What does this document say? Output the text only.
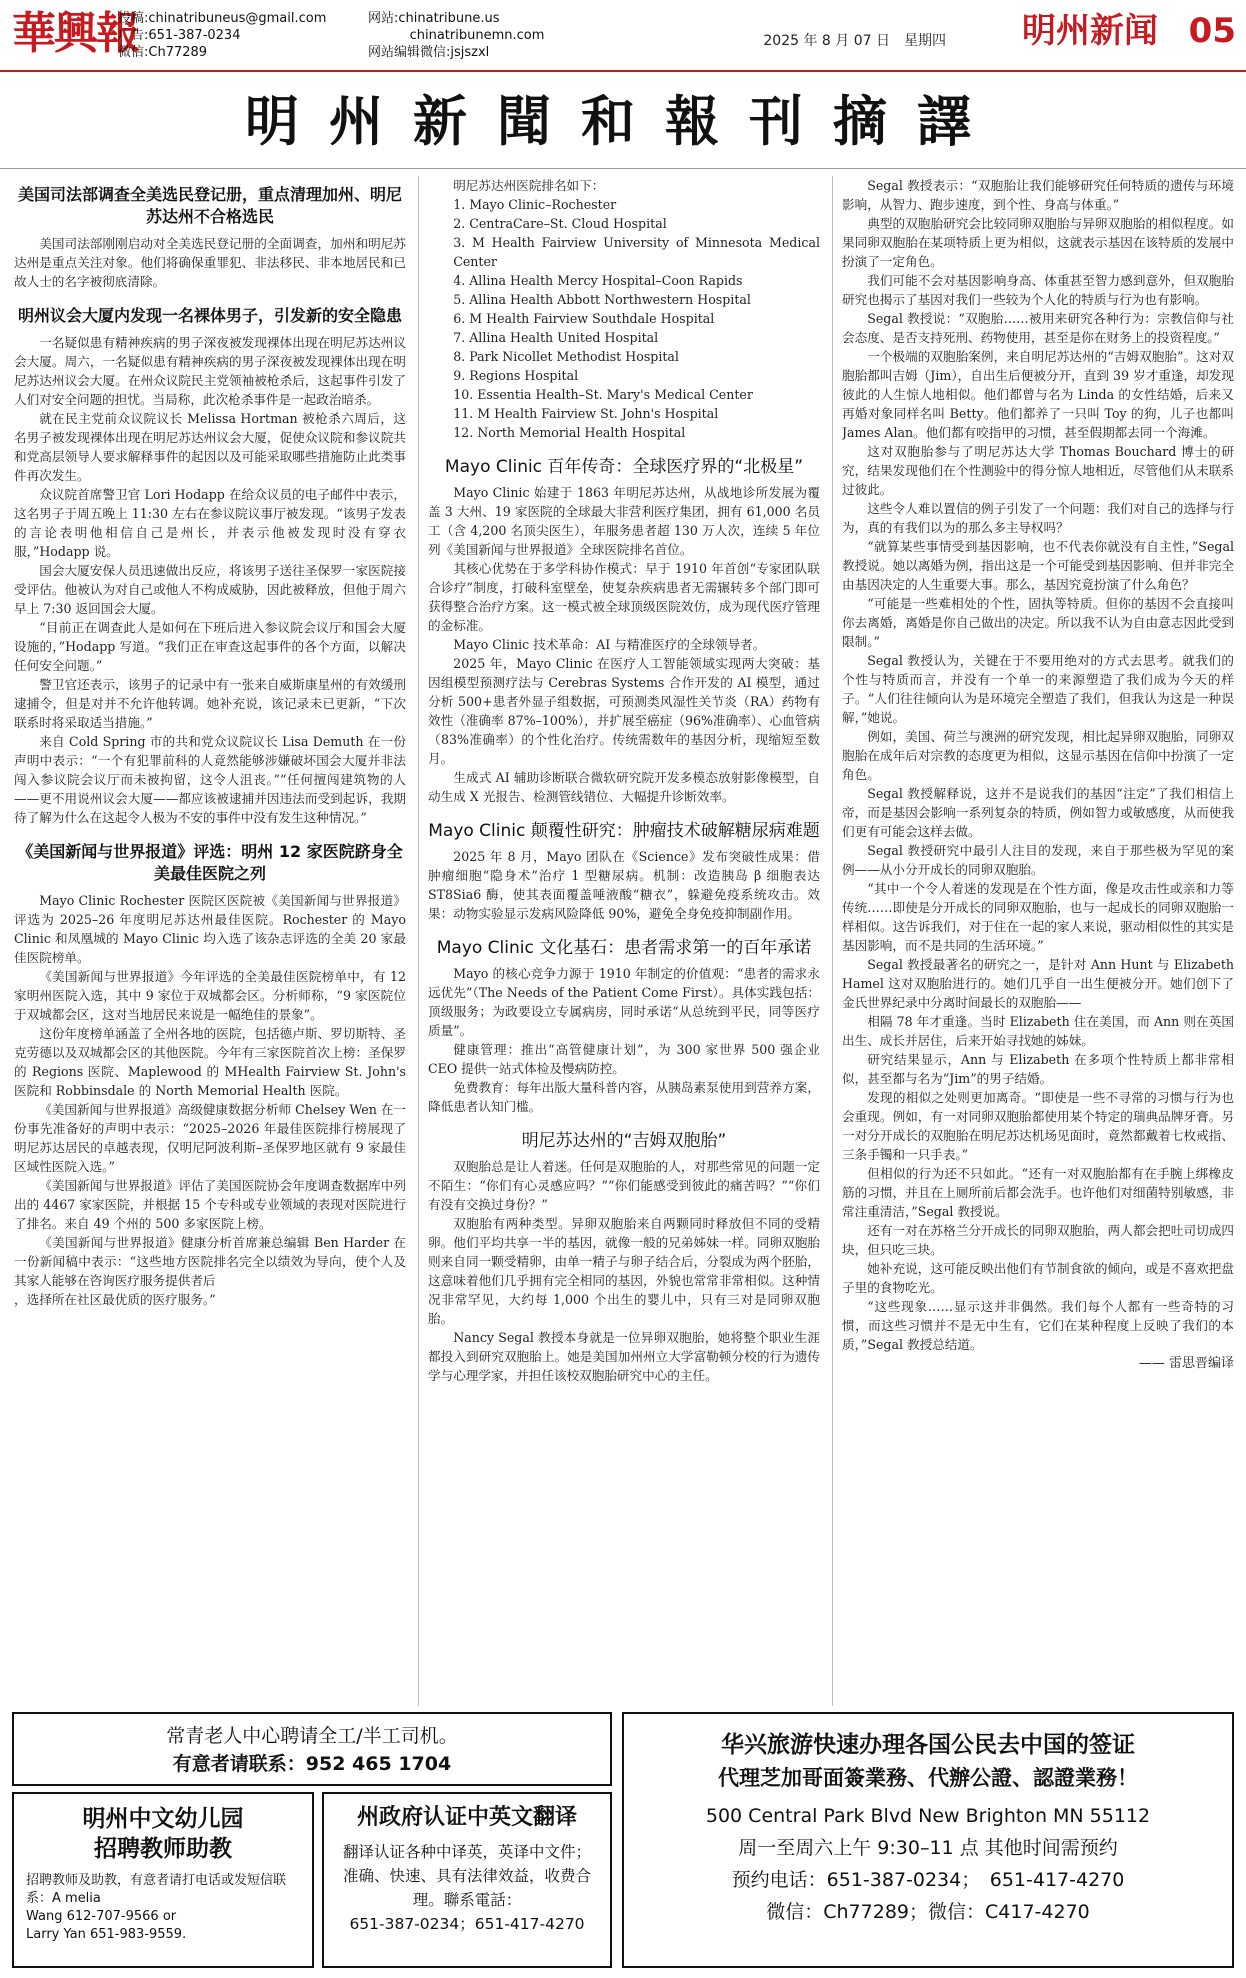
華興報
投稿:chinatribuneus@gmail.com
广告:651-387-0234
微信:Ch77289
网站:chinatribune.us
chinatribunemn.com
网站编辑微信:jsjszxl
2025 年 8 月 07 日　星期四 明州新闻 05
明州新聞和報刊摘譯
美国司法部调查全美选民登记册，重点清理加州、明尼苏达州不合格选民

美国司法部刚刚启动对全美选民登记册的全面调查，加州和明尼苏达州是重点关注对象。他们将确保重罪犯、非法移民、非本地居民和已故人士的名字被彻底清除。

明州议会大厦内发现一名裸体男子，引发新的安全隐患

一名疑似患有精神疾病的男子深夜被发现裸体出现在明尼苏达州议会大厦。周六，一名疑似患有精神疾病的男子深夜被发现裸体出现在明尼苏达州议会大厦。在州众议院民主党领袖被枪杀后，这起事件引发了人们对安全问题的担忧。当局称，此次枪杀事件是一起政治暗杀。

就在民主党前众议院议长 Melissa Hortman 被枪杀六周后，这名男子被发现裸体出现在明尼苏达州议会大厦，促使众议院和参议院共和党高层领导人要求解释事件的起因以及可能采取哪些措施防止此类事件再次发生。

众议院首席警卫官 Lori Hodapp 在给众议员的电子邮件中表示，这名男子于周五晚上 11:30 左右在参议院议事厅被发现。“该男子发表的言论表明他相信自己是州长，并表示他被发现时没有穿衣服，”Hodapp 说。

国会大厦安保人员迅速做出反应，将该男子送往圣保罗一家医院接受评估。他被认为对自己或他人不构成威胁，因此被释放，但他于周六早上 7:30 返回国会大厦。

“目前正在调查此人是如何在下班后进入参议院会议厅和国会大厦设施的，”Hodapp 写道。“我们正在审查这起事件的各个方面，以解决任何安全问题。”

警卫官还表示，该男子的记录中有一张来自威斯康星州的有效缓刑逮捕令，但是对并不允许他转调。她补充说，该记录未已更新，“下次联系时将采取适当措施。”

来自 Cold Spring 市的共和党众议院议长 Lisa Demuth 在一份声明中表示：“一个有犯罪前科的人竟然能够涉嫌破坏国会大厦并非法闯入参议院会议厅而未被拘留，这令人沮丧。”“任何擅闯建筑物的人——更不用说州议会大厦——都应该被逮捕并因违法而受到起诉，我期待了解为什么在这起令人极为不安的事件中没有发生这种情况。”

《美国新闻与世界报道》评选：明州 12 家医院跻身全美最佳医院之列

Mayo Clinic Rochester 医院区医院被《美国新闻与世界报道》评选为 2025–26 年度明尼苏达州最佳医院。Rochester 的 Mayo Clinic 和凤凰城的 Mayo Clinic 均入选了该杂志评选的全美 20 家最佳医院榜单。

《美国新闻与世界报道》今年评选的全美最佳医院榜单中，有 12 家明州医院入选，其中 9 家位于双城都会区。分析师称，“9 家医院位于双城都会区，这对当地居民来说是一幅绝佳的景象”。

这份年度榜单涵盖了全州各地的医院，包括德卢斯、罗切斯特、圣克劳德以及双城都会区的其他医院。今年有三家医院首次上榜：圣保罗的 Regions 医院、Maplewood 的 MHealth Fairview St. John's 医院和 Robbinsdale 的 North Memorial Health 医院。

《美国新闻与世界报道》高级健康数据分析师 Chelsey Wen 在一份事先准备好的声明中表示：“2025–2026 年最佳医院排行榜展现了明尼苏达居民的卓越表现，仅明尼阿波利斯–圣保罗地区就有 9 家最佳区域性医院入选。”

《美国新闻与世界报道》评估了美国医院协会年度调查数据库中列出的 4467 家家医院，并根据 15 个专科或专业领域的表现对医院进行了排名。来自 49 个州的 500 多家医院上榜。

《美国新闻与世界报道》健康分析首席兼总编辑 Ben Harder 在一份新闻稿中表示：“这些地方医院排名完全以绩效为导向，使个人及其家人能够在咨询医疗服务提供者后

，选择所在社区最优质的医疗服务。”

明尼苏达州医院排名如下：

1. Mayo Clinic–Rochester

2. CentraCare–St. Cloud Hospital

3. M Health Fairview University of Minnesota Medical Center

4. Allina Health Mercy Hospital–Coon Rapids

5. Allina Health Abbott Northwestern Hospital

6. M Health Fairview Southdale Hospital

7. Allina Health United Hospital

8. Park Nicollet Methodist Hospital

9. Regions Hospital

10. Essentia Health–St. Mary's Medical Center

11. M Health Fairview St. John's Hospital

12. North Memorial Health Hospital

Mayo Clinic 百年传奇：全球医疗界的“北极星”

Mayo Clinic 始建于 1863 年明尼苏达州，从战地诊所发展为覆盖 3 大州、19 家医院的全球最大非营利医疗集团，拥有 61,000 名员工（含 4,200 名顶尖医生），年服务患者超 130 万人次，连续 5 年位列《美国新闻与世界报道》全球医院排名首位。

其核心优势在于多学科协作模式：早于 1910 年首创“专家团队联合诊疗”制度，打破科室壁垒，使复杂疾病患者无需辗转多个部门即可获得整合治疗方案。这一模式被全球顶级医院效仿，成为现代医疗管理的金标准。

Mayo Clinic 技术革命：AI 与精准医疗的全球领导者。

2025 年，Mayo Clinic 在医疗人工智能领域实现两大突破：基因组模型预测疗法与 Cerebras Systems 合作开发的 AI 模型，通过分析 500+患者外显子组数据，可预测类风湿性关节炎（RA）药物有效性（准确率 87%–100%），并扩展至癌症（96%准确率）、心血管病（83%准确率）的个性化治疗。传统需数年的基因分析，现缩短至数月。

生成式 AI 辅助诊断联合微软研究院开发多模态放射影像模型，自动生成 X 光报告、检测管线错位、大幅提升诊断效率。

Mayo Clinic 颠覆性研究：肿瘤技术破解糖尿病难题

2025 年 8 月，Mayo 团队在《Science》发布突破性成果：借肿瘤细胞“隐身术”治疗 1 型糖尿病。机制：改造胰岛 β 细胞表达 ST8Sia6 酶，使其表面覆盖唾液酸“糖衣”，躲避免疫系统攻击。效果：动物实验显示发病风险降低 90%，避免全身免疫抑制副作用。

Mayo Clinic 文化基石：患者需求第一的百年承诺

Mayo 的核心竞争力源于 1910 年制定的价值观：“患者的需求永远优先”（The Needs of the Patient Come First）。具体实践包括：顶级服务；为政要设立专属病房，同时承诺“从总统到平民，同等医疗质量”。

健康管理：推出“高管健康计划”，为 300 家世界 500 强企业 CEO 提供一站式体检及慢病防控。

免费教育：每年出版大量科普内容，从胰岛素泵使用到营养方案，降低患者认知门槛。

明尼苏达州的“吉姆双胞胎”

双胞胎总是让人着迷。任何是双胞胎的人，对那些常见的问题一定不陌生：“你们有心灵感应吗？”“你们能感受到彼此的痛苦吗？”“你们有没有交换过身份？”

双胞胎有两种类型。异卵双胞胎来自两颗同时释放但不同的受精卵。他们平均共享一半的基因，就像一般的兄弟姊妹一样。同卵双胞胎则来自同一颗受精卵，由单一精子与卵子结合后，分裂成为两个胚胎，这意味着他们几乎拥有完全相同的基因，外貌也常常非常相似。这种情况非常罕见，大约每 1,000 个出生的婴儿中，只有三对是同卵双胞胎。

Nancy Segal 教授本身就是一位异卵双胞胎，她将整个职业生涯都投入到研究双胞胎上。她是美国加州州立大学富勒顿分校的行为遗传学与心理学家，并担任该校双胞胎研究中心的主任。

Segal 教授表示：“双胞胎让我们能够研究任何特质的遗传与环境影响，从智力、跑步速度，到个性、身高与体重。”

典型的双胞胎研究会比较同卵双胞胎与异卵双胞胎的相似程度。如果同卵双胞胎在某项特质上更为相似，这就表示基因在该特质的发展中扮演了一定角色。

我们可能不会对基因影响身高、体重甚至智力感到意外，但双胞胎研究也揭示了基因对我们一些较为个人化的特质与行为也有影响。

Segal 教授说：“双胞胎……被用来研究各种行为：宗教信仰与社会态度、是否支持死刑、药物使用，甚至是你在财务上的投资程度。”

一个极端的双胞胎案例，来自明尼苏达州的“吉姆双胞胎”。这对双胞胎都叫吉姆（Jim），自出生后便被分开，直到 39 岁才重逢，却发现彼此的人生惊人地相似。他们都曾与名为 Linda 的女性结婚，后来又再婚对象同样名叫 Betty。他们都养了一只叫 Toy 的狗，儿子也都叫 James Alan。他们都有咬指甲的习惯，甚至假期都去同一个海滩。

这对双胞胎参与了明尼苏达大学 Thomas Bouchard 博士的研究，结果发现他们在个性测验中的得分惊人地相近，尽管他们从未联系过彼此。

这些令人难以置信的例子引发了一个问题：我们对自己的选择与行为，真的有我们以为的那么多主导权吗？

“就算某些事情受到基因影响，也不代表你就没有自主性，”Segal 教授说。她以离婚为例，指出这是一个可能受到基因影响、但并非完全由基因决定的人生重要大事。那么，基因究竟扮演了什么角色？

“可能是一些难相处的个性，固执等特质。但你的基因不会直接叫你去离婚，离婚是你自己做出的决定。所以我不认为自由意志因此受到限制。”

Segal 教授认为，关键在于不要用绝对的方式去思考。就我们的个性与特质而言，并没有一个单一的来源塑造了我们成为今天的样子。“人们往往倾向认为是环境完全塑造了我们，但我认为这是一种误解，”她说。

例如，美国、荷兰与澳洲的研究发现，相比起异卵双胞胎，同卵双胞胎在成年后对宗教的态度更为相似，这显示基因在信仰中扮演了一定角色。

Segal 教授解释说，这并不是说我们的基因“注定”了我们相信上帝，而是基因会影响一系列复杂的特质，例如智力或敏感度，从而使我们更有可能会这样去做。

Segal 教授研究中最引人注目的发现，来自于那些极为罕见的案例——从小分开成长的同卵双胞胎。

“其中一个令人着迷的发现是在个性方面，像是攻击性或亲和力等传统……即使是分开成长的同卵双胞胎，也与一起成长的同卵双胞胎一样相似。这告诉我们，对于住在一起的家人来说，驱动相似性的其实是基因影响，而不是共同的生活环境。”

Segal 教授最著名的研究之一，是针对 Ann Hunt 与 Elizabeth Hamel 这对双胞胎进行的。她们几乎自一出生便被分开。她们创下了金氏世界纪录中分离时间最长的双胞胎——

相隔 78 年才重逢。当时 Elizabeth 住在美国，而 Ann 则在英国出生、成长并居住，后来开始寻找她的姊妹。

研究结果显示，Ann 与 Elizabeth 在多项个性特质上都非常相似，甚至都与名为“Jim”的男子结婚。

发现的相似之处则更加离奇。“即使是一些不寻常的习惯与行为也会重现。例如，有一对同卵双胞胎都使用某个特定的瑞典品牌牙膏。另一对分开成长的双胞胎在明尼苏达机场见面时，竟然都戴着七枚戒指、三条手镯和一只手表。”

但相似的行为还不只如此。“还有一对双胞胎都有在手腕上绑橡皮筋的习惯，并且在上厕所前后都会洗手。也许他们对细菌特别敏感，非常注重清洁，”Segal 教授说。

还有一对在苏格兰分开成长的同卵双胞胎，两人都会把吐司切成四块，但只吃三块。

她补充说，这可能反映出他们有节制食欲的倾向，或是不喜欢把盘子里的食物吃光。

“这些现象……显示这并非偶然。我们每个人都有一些奇特的习惯，而这些习惯并不是无中生有，它们在某种程度上反映了我们的本质，”Segal 教授总结道。

—— 雷思晋编译
常青老人中心聘请全工/半工司机。
有意者请联系：952 465 1704
明州中文幼儿园
招聘教师助教
招聘教师及助教，有意者请打电话或发短信联系：A melia
Wang 612-707-9566 or
Larry Yan 651-983-9559.
州政府认证中英文翻译
翻译认证各种中译英，英译中文件；准确、快速、具有法律效益，收费合理。聯系電話：
651-387-0234；651-417-4270
华兴旅游快速办理各国公民去中国的签证
代理芝加哥面簽業務、代辦公證、認證業務！
500 Central Park Blvd New Brighton MN 55112
周一至周六上午 9:30–11 点 其他时间需预约
预约电话：651-387-0234；　651-417-4270
微信：Ch77289；微信：C417-4270
